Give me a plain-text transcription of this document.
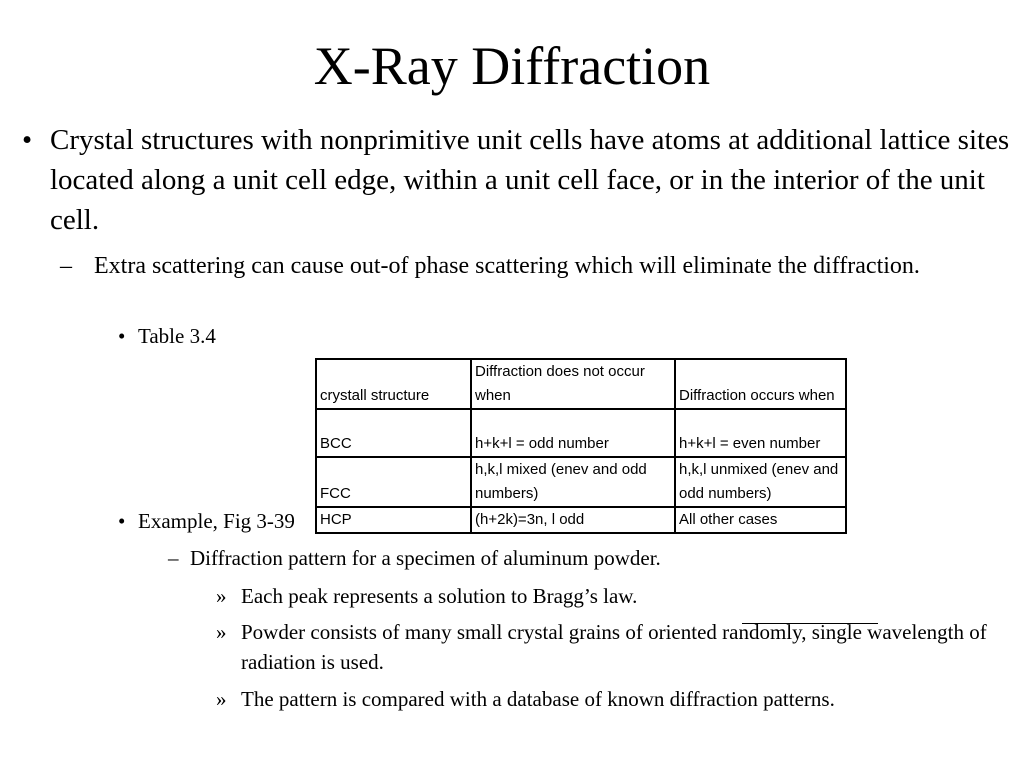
X-Ray Diffraction
• Crystal structures with nonprimitive unit cells have atoms at additional lattice sites located along a unit cell edge, within a unit cell face, or in the interior of the unit cell.
– Extra scattering can cause out-of phase scattering which will eliminate the diffraction.
• Table 3.4
crystall structure	Diffraction does not occur when	Diffraction occurs when
BCC	h+k+l = odd number	h+k+l = even number
FCC	h,k,l mixed (enev and odd numbers)	h,k,l unmixed (enev and odd numbers)
HCP	(h+2k)=3n, l odd	All other cases
• Example, Fig 3-39
– Diffraction pattern for a specimen of aluminum powder.
» Each peak represents a solution to Bragg’s law.
» Powder consists of many small crystal grains of oriented randomly, single wavelength of radiation is used.
» The pattern is compared with a database of known diffraction patterns.
